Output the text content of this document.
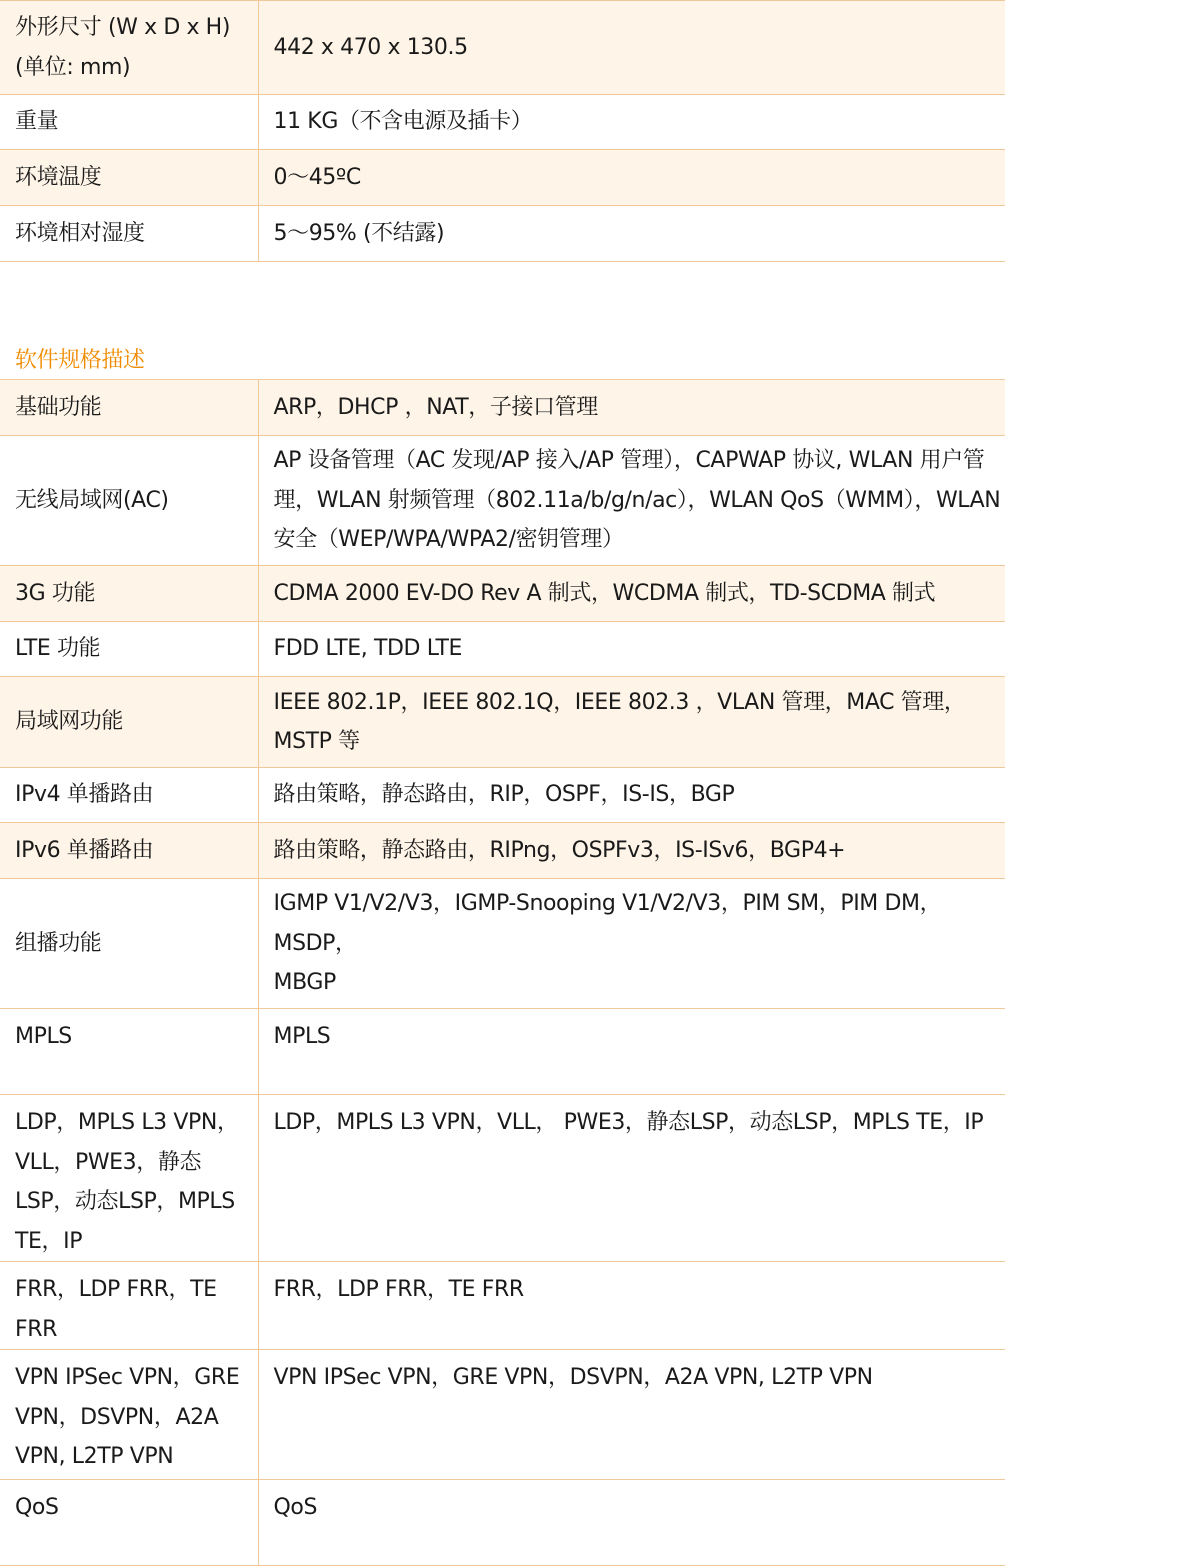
外形尺寸 (W x D x H)
(单位: mm)	442 x 470 x 130.5
重量	11 KG（不含电源及插卡）
环境温度	0～45ºC
环境相对湿度	5～95% (不结露)
软件规格描述
基础功能	ARP，DHCP ，NAT，子接口管理
无线局域网(AC)	AP 设备管理（AC 发现/AP 接入/AP 管理），CAPWAP 协议, WLAN 用户管理，WLAN 射频管理（802.11a/b/g/n/ac），WLAN QoS（WMM），WLAN 安全（WEP/WPA/WPA2/密钥管理）
3G 功能	CDMA 2000 EV-DO Rev A 制式，WCDMA 制式，TD-SCDMA 制式
LTE 功能	FDD LTE, TDD LTE
局域网功能	IEEE 802.1P，IEEE 802.1Q，IEEE 802.3 ，VLAN 管理，MAC 管理，MSTP 等
IPv4 单播路由	路由策略，静态路由，RIP，OSPF，IS-IS，BGP
IPv6 单播路由	路由策略，静态路由，RIPng，OSPFv3，IS-ISv6，BGP4+
组播功能	IGMP V1/V2/V3，IGMP-Snooping V1/V2/V3，PIM SM，PIM DM，MSDP，
MBGP
MPLS	MPLS
LDP，MPLS L3 VPN，VLL，PWE3，静态LSP，动态LSP，MPLS TE，IP	LDP，MPLS L3 VPN，VLL， PWE3，静态LSP，动态LSP，MPLS TE，IP
FRR，LDP FRR，TE FRR	FRR，LDP FRR，TE FRR
VPN IPSec VPN，GRE VPN，DSVPN，A2A VPN, L2TP VPN	VPN IPSec VPN，GRE VPN，DSVPN，A2A VPN, L2TP VPN
QoS	QoS
